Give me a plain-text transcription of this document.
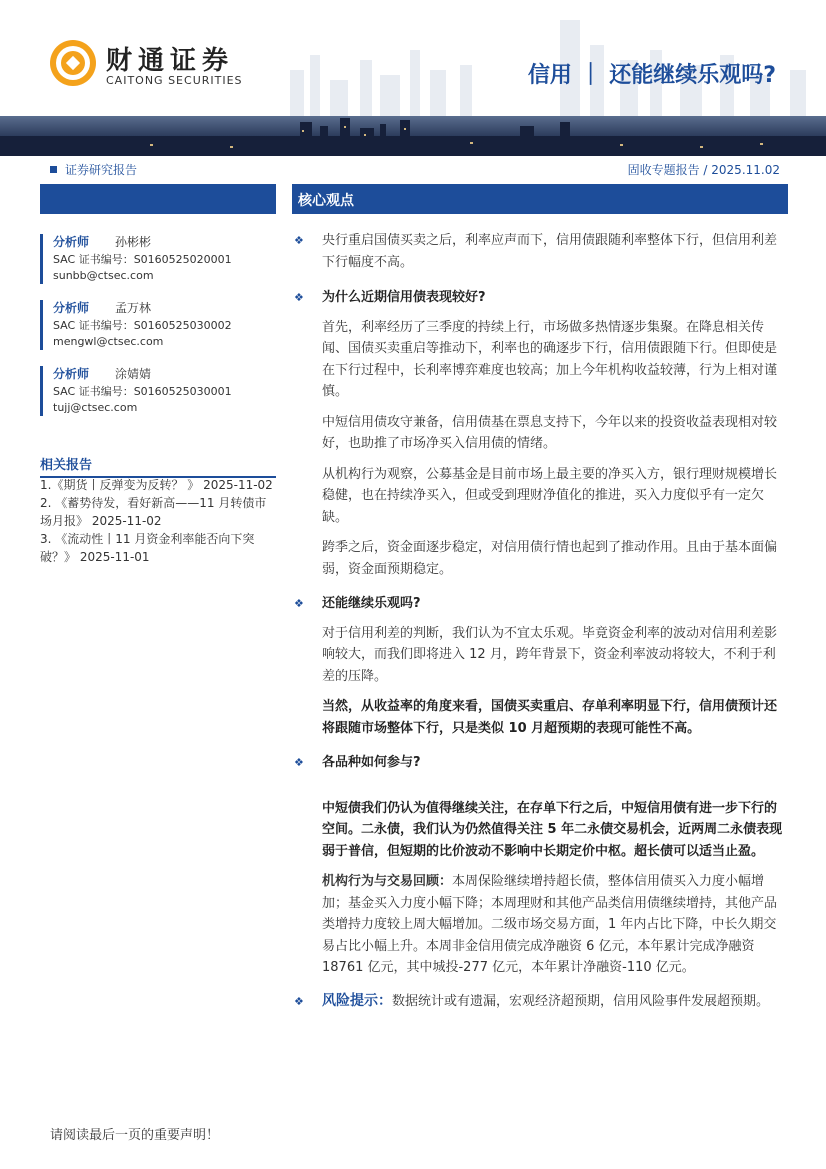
财通证券
CAITONG SECURITIES	信用 ｜ 还能继续乐观吗?
证券研究报告	固收专题报告 / 2025.11.02
分析师 孙彬彬
SAC 证书编号：S0160525020001
sunbb@ctsec.com
分析师 孟万林
SAC 证书编号：S0160525030002
mengwl@ctsec.com
分析师 涂婧婧
SAC 证书编号：S0160525030001
tujj@ctsec.com
相关报告
1.《期货丨反弹变为反转？ 》 2025-11-02
2. 《蓄势待发，看好新高——11 月转债市场月报》 2025-11-02
3. 《流动性丨11 月资金利率能否向下突破？》 2025-11-01
核心观点
❖ 央行重启国债买卖之后，利率应声而下，信用债跟随利率整体下行，但信用利差下行幅度不高。
❖ 为什么近期信用债表现较好?

首先，利率经历了三季度的持续上行，市场做多热情逐步集聚。在降息相关传闻、国债买卖重启等推动下，利率也的确逐步下行，信用债跟随下行。但即使是在下行过程中，长利率博弈难度也较高；加上今年机构收益较薄，行为上相对谨慎。

中短信用债攻守兼备，信用债基在票息支持下，今年以来的投资收益表现相对较好，也助推了市场净买入信用债的情绪。

从机构行为观察，公募基金是目前市场上最主要的净买入方，银行理财规模增长稳健，也在持续净买入，但或受到理财净值化的推进，买入力度似乎有一定欠缺。

跨季之后，资金面逐步稳定，对信用债行情也起到了推动作用。且由于基本面偏弱，资金面预期稳定。

❖ 还能继续乐观吗?

对于信用利差的判断，我们认为不宜太乐观。毕竟资金利率的波动对信用利差影响较大，而我们即将进入 12 月，跨年背景下，资金利率波动将较大，不利于利差的压降。

当然，从收益率的角度来看，国债买卖重启、存单利率明显下行，信用债预计还将跟随市场整体下行，只是类似 10 月超预期的表现可能性不高。

❖ 各品种如何参与?

中短债我们仍认为值得继续关注，在存单下行之后，中短信用债有进一步下行的空间。二永债，我们认为仍然值得关注 5 年二永债交易机会，近两周二永债表现弱于普信，但短期的比价波动不影响中长期定价中枢。超长债可以适当止盈。

机构行为与交易回顾：本周保险继续增持超长债，整体信用债买入力度小幅增加；基金买入力度小幅下降；本周理财和其他产品类信用债继续增持，其他产品类增持力度较上周大幅增加。二级市场交易方面，1 年内占比下降，中长久期交易占比小幅上升。本周非金信用债完成净融资 6 亿元，本年累计完成净融资 18761 亿元，其中城投-277 亿元，本年累计净融资-110 亿元。

❖ 风险提示：数据统计或有遗漏，宏观经济超预期，信用风险事件发展超预期。
请阅读最后一页的重要声明！
